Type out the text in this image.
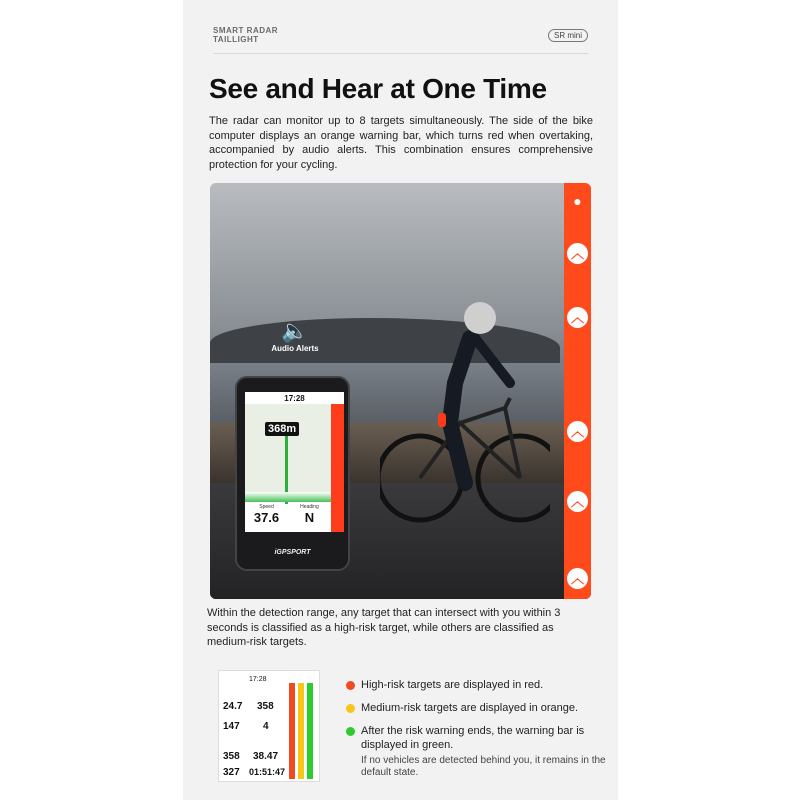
SMART RADAR TAILLIGHT	SR mini
See and Hear at One Time
The radar can monitor up to 8 targets simultaneously. The side of the bike computer displays an orange warning bar, which turns red when overtaking, accompanied by audio alerts. This combination ensures comprehensive protection for your cycling.
🔈
Audio Alerts
17:28
368m
Speed
37.6
Heading
N
iGPSPORT
●
︿
︿
︿
︿
︿
Within the detection range, any target that can intersect with you within 3 seconds is classified as a high-risk target, while others are classified as medium-risk targets.
17:28
24.7 358
147 4
358 38.47
327 01:51:47
High-risk targets are displayed in red.
Medium-risk targets are displayed in orange.
After the risk warning ends, the warning bar is displayed in green.
If no vehicles are detected behind you, it remains in the default state.
